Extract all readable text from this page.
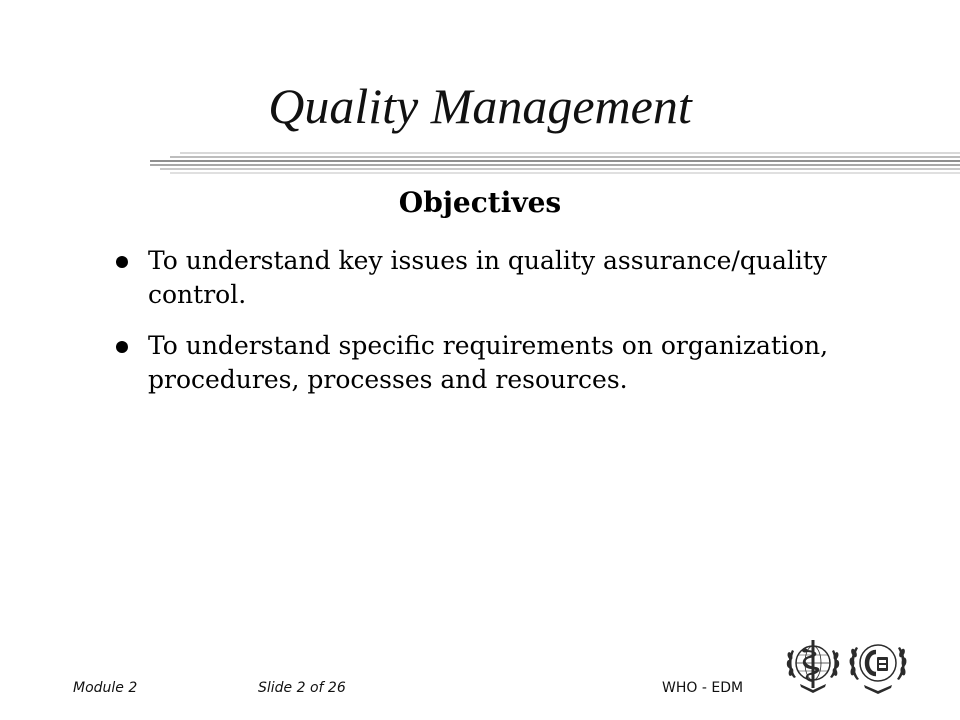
Quality Management
Objectives
To understand key issues in quality assurance/quality control.
To understand specific requirements on organization, procedures, processes and resources.
Module 2	Slide 2 of 26	WHO - EDM
